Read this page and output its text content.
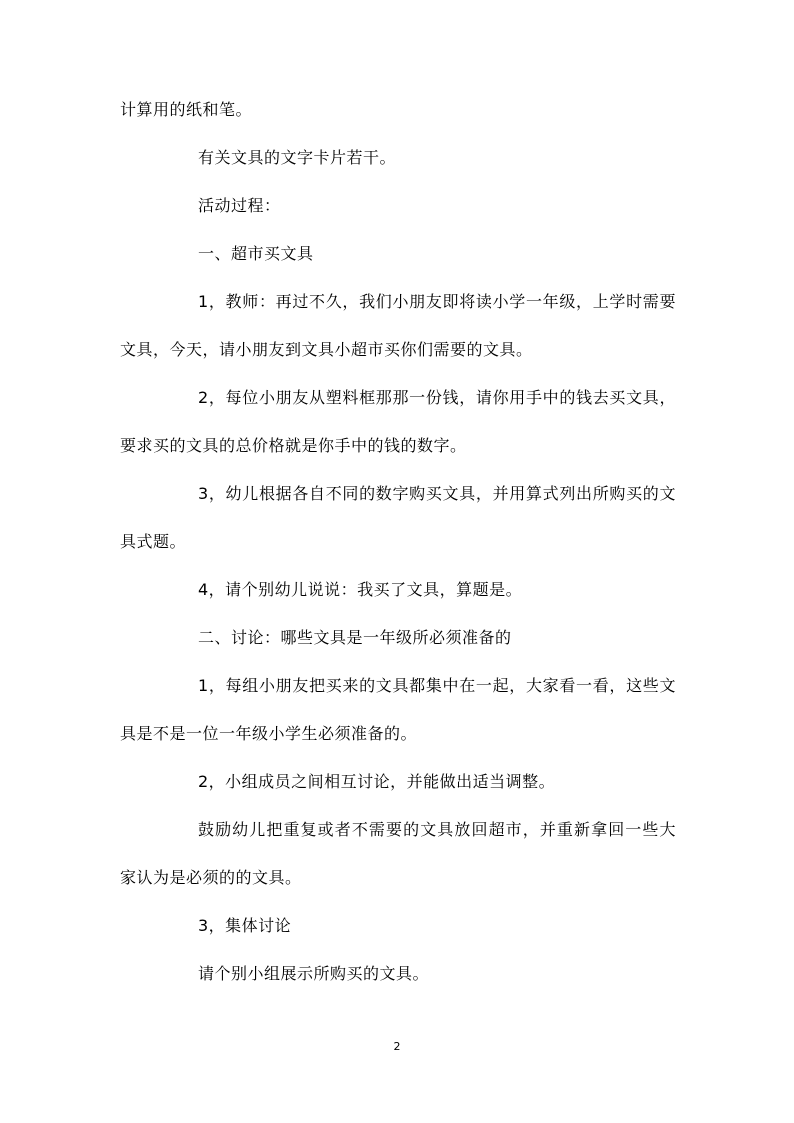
计算用的纸和笔。

有关文具的文字卡片若干。

活动过程：

一、超市买文具

1，教师：再过不久，我们小朋友即将读小学一年级，上学时需要文具，今天，请小朋友到文具小超市买你们需要的文具。

2，每位小朋友从塑料框那那一份钱，请你用手中的钱去买文具，要求买的文具的总价格就是你手中的钱的数字。

3，幼儿根据各自不同的数字购买文具，并用算式列出所购买的文具式题。

4，请个别幼儿说说：我买了文具，算题是。

二、讨论：哪些文具是一年级所必须准备的

1，每组小朋友把买来的文具都集中在一起，大家看一看，这些文具是不是一位一年级小学生必须准备的。

2，小组成员之间相互讨论，并能做出适当调整。

鼓励幼儿把重复或者不需要的文具放回超市，并重新拿回一些大家认为是必须的的文具。

3，集体讨论

请个别小组展示所购买的文具。

2
